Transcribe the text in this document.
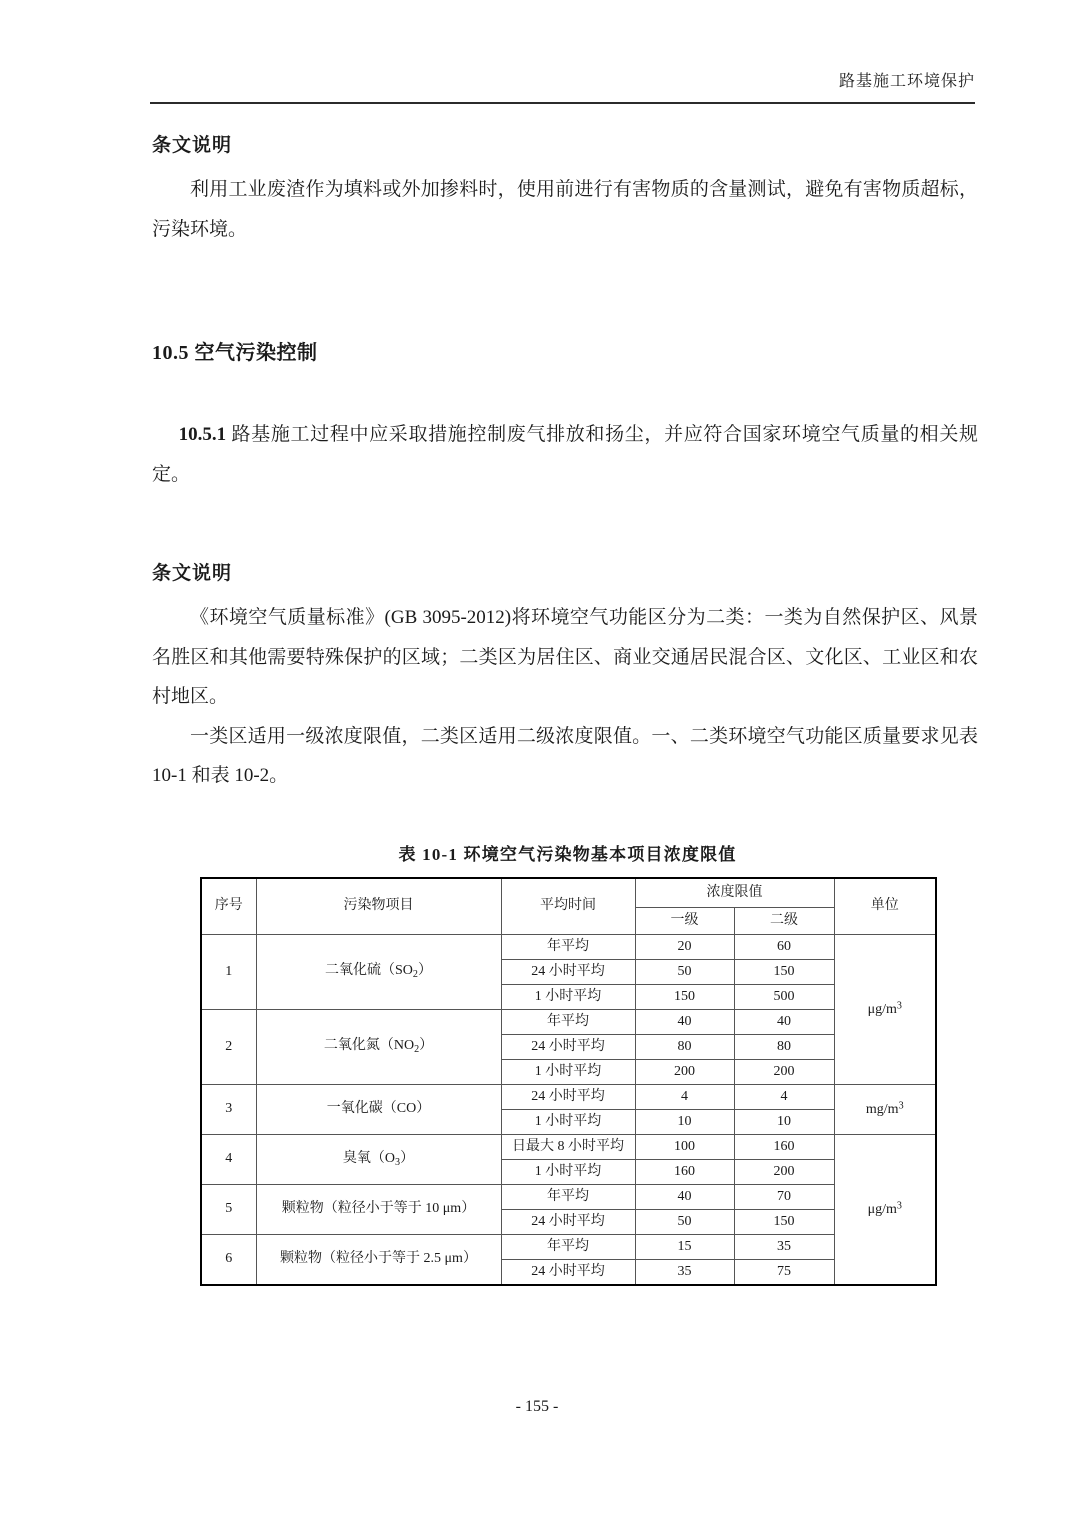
路基施工环境保护

条文说明

利用工业废渣作为填料或外加掺料时，使用前进行有害物质的含量测试，避免有害物质超标，污染环境。

10.5 空气污染控制

10.5.1 路基施工过程中应采取措施控制废气排放和扬尘，并应符合国家环境空气质量的相关规定。

条文说明

《环境空气质量标准》(GB 3095-2012)将环境空气功能区分为二类：一类为自然保护区、风景名胜区和其他需要特殊保护的区域；二类区为居住区、商业交通居民混合区、文化区、工业区和农村地区。

一类区适用一级浓度限值，二类区适用二级浓度限值。一、二类环境空气功能区质量要求见表 10-1 和表 10-2。

表 10-1 环境空气污染物基本项目浓度限值
序号	污染物项目	平均时间	浓度限值		单位
			一级	二级	
1	二氧化硫$(SO_2)$	年平均	20	60	$\mu g/m^3$
		24 小时平均	50	150	
		1 小时平均	150	500	
2	二氧化氮$(NO_2)$	年平均	40	40	
		24 小时平均	80	80	
		1 小时平均	200	200	
3	一氧化碳（CO）	24 小时平均	4	4	$mg/m^3$
		1 小时平均	10	10	
4	臭氧$(O_3)$	日最大 8 小时平均	100	160	$\mu g/m^3$
		1 小时平均	160	200	
5	颗粒物（粒径小于等于 10 μm）	年平均	40	70	
		24 小时平均	50	150	
6	颗粒物（粒径小于等于 2.5 μm）	年平均	15	35	
		24 小时平均	35	75	
- 155 -
